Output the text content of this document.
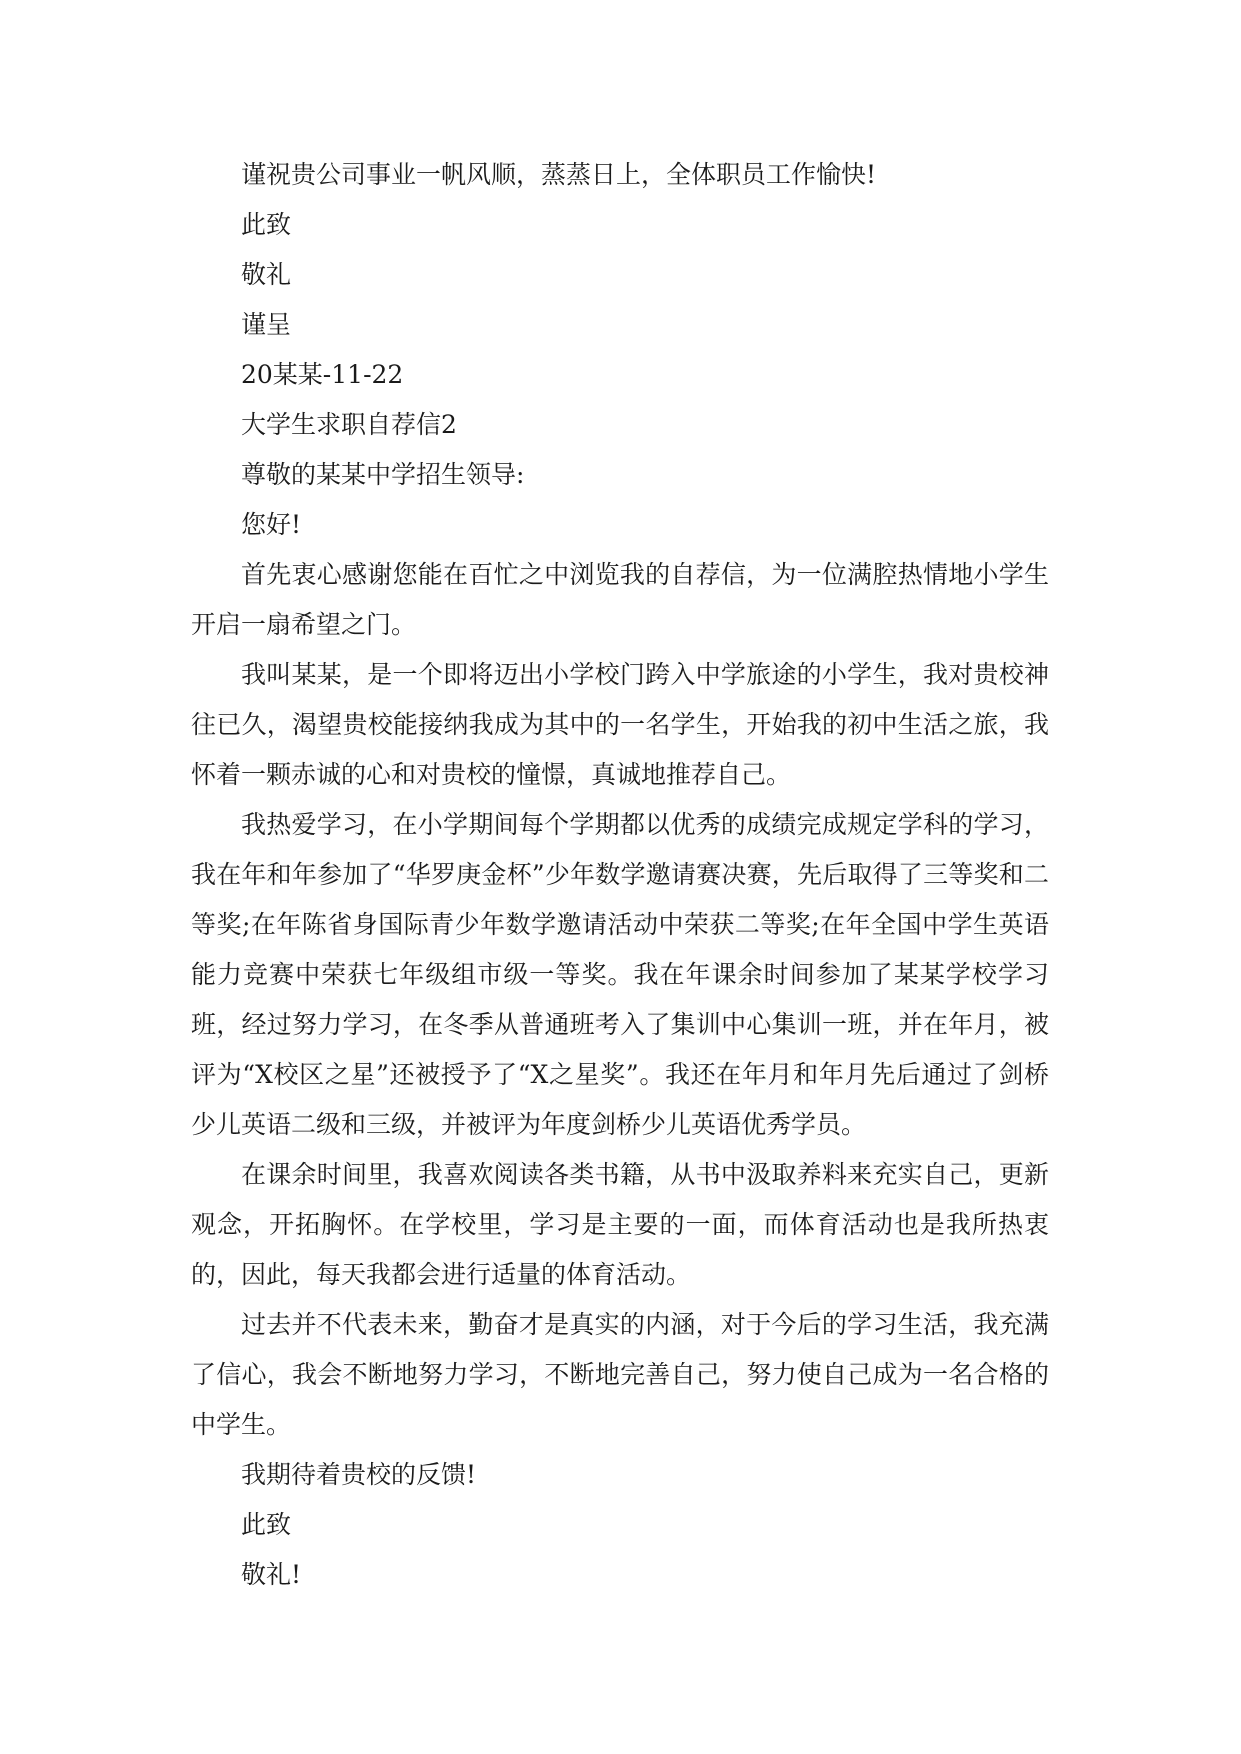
谨祝贵公司事业一帆风顺，蒸蒸日上，全体职员工作愉快!

此致

敬礼

谨呈

20某某-11-22

大学生求职自荐信2

尊敬的某某中学招生领导:

您好!

首先衷心感谢您能在百忙之中浏览我的自荐信，为一位满腔热情地小学生开启一扇希望之门。

我叫某某，是一个即将迈出小学校门跨入中学旅途的小学生，我对贵校神往已久，渴望贵校能接纳我成为其中的一名学生，开始我的初中生活之旅，我怀着一颗赤诚的心和对贵校的憧憬，真诚地推荐自己。

我热爱学习，在小学期间每个学期都以优秀的成绩完成规定学科的学习，我在年和年参加了“华罗庚金杯”少年数学邀请赛决赛，先后取得了三等奖和二等奖;在年陈省身国际青少年数学邀请活动中荣获二等奖;在年全国中学生英语能力竞赛中荣获七年级组市级一等奖。我在年课余时间参加了某某学校学习班，经过努力学习，在冬季从普通班考入了集训中心集训一班，并在年月，被评为“X校区之星”还被授予了“X之星奖”。我还在年月和年月先后通过了剑桥少儿英语二级和三级，并被评为年度剑桥少儿英语优秀学员。

在课余时间里，我喜欢阅读各类书籍，从书中汲取养料来充实自己，更新观念，开拓胸怀。在学校里，学习是主要的一面，而体育活动也是我所热衷的，因此，每天我都会进行适量的体育活动。

过去并不代表未来，勤奋才是真实的内涵，对于今后的学习生活，我充满了信心，我会不断地努力学习，不断地完善自己，努力使自己成为一名合格的中学生。

我期待着贵校的反馈!

此致

敬礼!
